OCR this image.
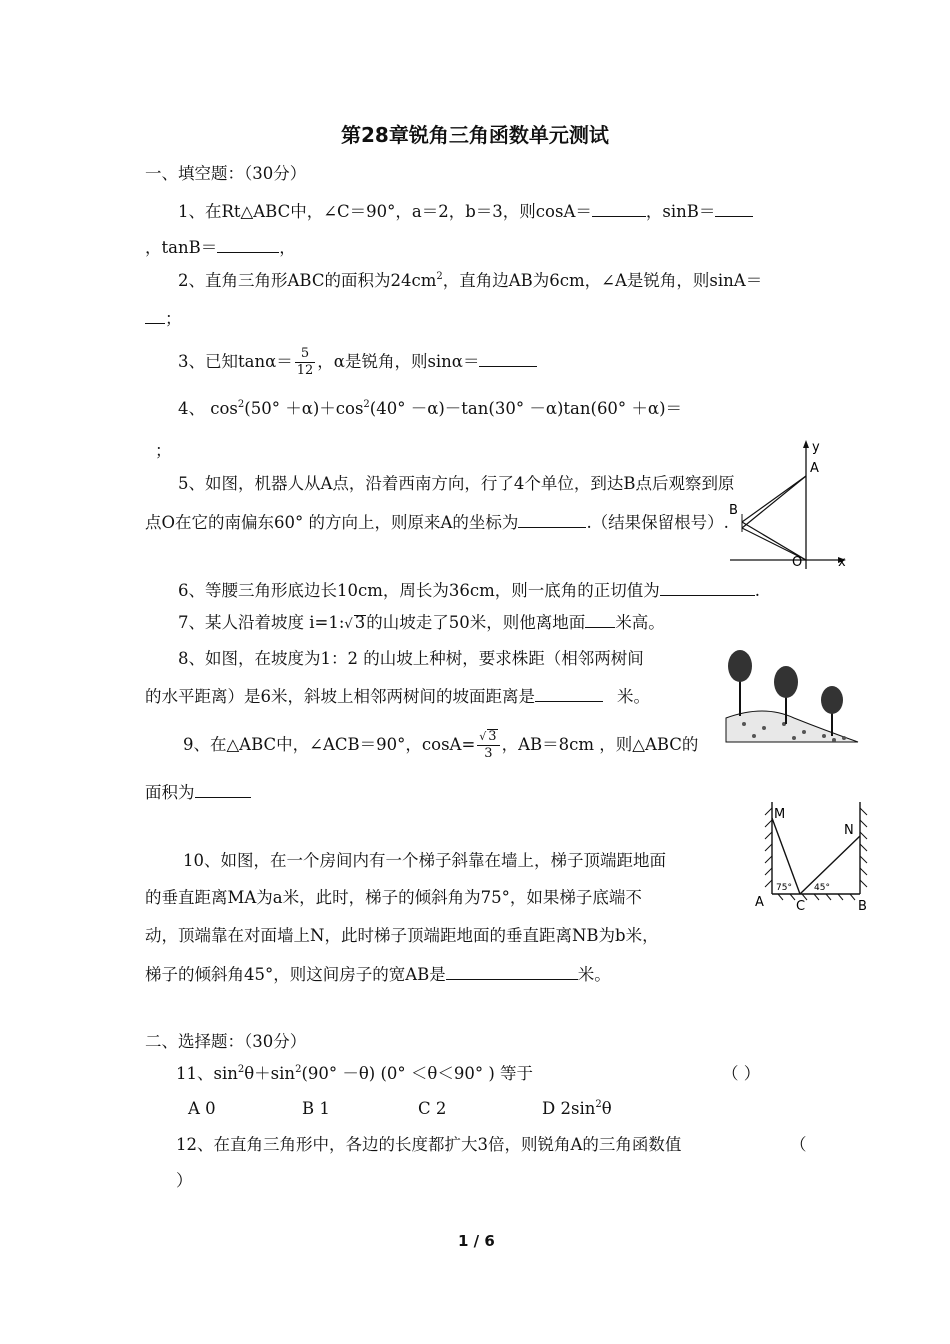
第28章锐角三角函数单元测试
一、填空题：（30分）
1、在Rt△ABC中，∠C＝90°，a＝2，b＝3，则cosA＝	，sinB＝
，tanB＝	，
2、直角三角形ABC的面积为$24cm^2$，直角边AB为6cm，∠A是锐角，则sinA＝
；
3、已知$\tan\alpha= \frac{5}{12}$ ，α是锐角，则sinα＝
4、 $\cos^2(50^\circ +\alpha)+\cos^2(40^\circ -\alpha)-\tan(30^\circ -\alpha)\tan(60^\circ +\alpha)=$
；	y
A
B
O	x
5、如图，机器人从A点，沿着西南方向，行了4个单位，到达B点后观察到原
点O在它的南偏东60° 的方向上，则原来A的坐标为	.（结果保留根号）.
6、等腰三角形底边长10cm，周长为36cm，则一底角的正切值为	.
7、某人沿着坡度 i=1:√ 3的山坡走了50米，则他离地面 米高。
8、如图，在坡度为1：2 的山坡上种树，要求株距（相邻两树间
的水平距离）是6米，斜坡上相邻两树间的坡面距离是	米。
9、在△ABC中，∠ACB＝90°，$\cos A= \frac{√ 3}{3}$ ，AB＝8cm ，则△ABC的
面积为
M
N
A C	B
75° 45°
10、如图，在一个房间内有一个梯子斜靠在墙上，梯子顶端距地面
的垂直距离MA为a米，此时，梯子的倾斜角为75°，如果梯子底端不
动，顶端靠在对面墙上N，此时梯子顶端距地面的垂直距离NB为b米，
梯子的倾斜角45°，则这间房子的宽AB是	米。
二、选择题：（30分）
11、$\sin^2\theta+\sin^2(90^\circ -\theta)$ (0° ＜θ＜90° ) 等于	（ ）
A 0	B 1	C 2	D $2\sin^2\theta$
12、在直角三角形中，各边的长度都扩大3倍，则锐角A的三角函数值	（
）
1 / 6
